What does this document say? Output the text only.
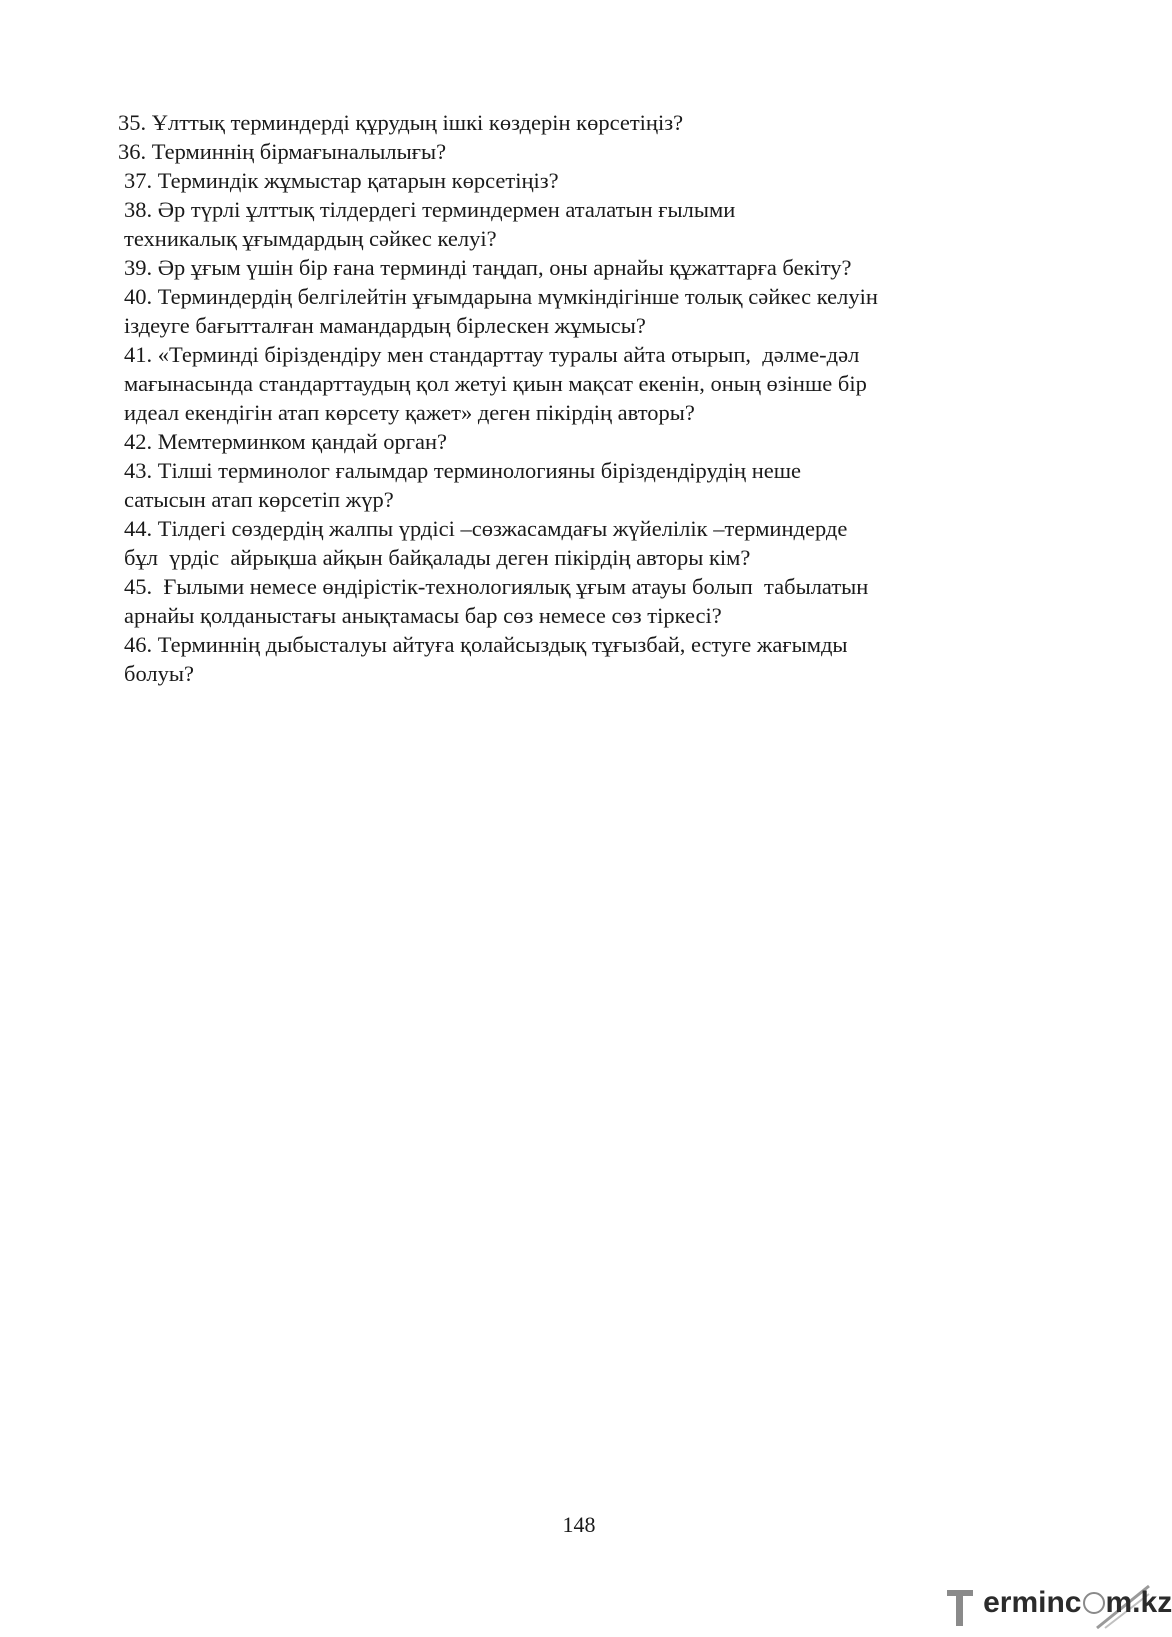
35. Ұлттық терминдерді құрудың ішкі көздерін көрсетіңіз?
36. Терминнің бірмағыналылығы?
37. Терминдік жұмыстар қатарын көрсетіңіз?
38. Әр түрлі ұлттық тілдердегі терминдермен аталатын ғылыми
техникалық ұғымдардың сәйкес келуі?
39. Әр ұғым үшін бір ғана терминді таңдап, оны арнайы құжаттарға бекіту?
40. Терминдердің белгілейтін ұғымдарына мүмкіндігінше толық сәйкес келуін
іздеуге бағытталған мамандардың бірлескен жұмысы?
41. «Терминді біріздендіру мен стандарттау туралы айта отырып,  дәлме-дәл
мағынасында стандарттаудың қол жетуі қиын мақсат екенін, оның өзінше бір
идеал екендігін атап көрсету қажет» деген пікірдің авторы?
42. Мемтерминком қандай орган?
43. Тілші терминолог ғалымдар терминологияны біріздендірудің неше
сатысын атап көрсетіп жүр?
44. Тілдегі сөздердің жалпы үрдісі –сөзжасамдағы жүйелілік –терминдерде
бұл  үрдіс  айрықша айқын байқалады деген пікірдің авторы кім?
45.  Ғылыми немесе өндірістік-технологиялық ұғым атауы болып  табылатын
арнайы қолданыстағы анықтамасы бар сөз немесе сөз тіркесі?
46. Терминнің дыбысталуы айтуға қолайсыздық тұғызбай, естуге жағымды
болуы?
148
erminc m.kz
